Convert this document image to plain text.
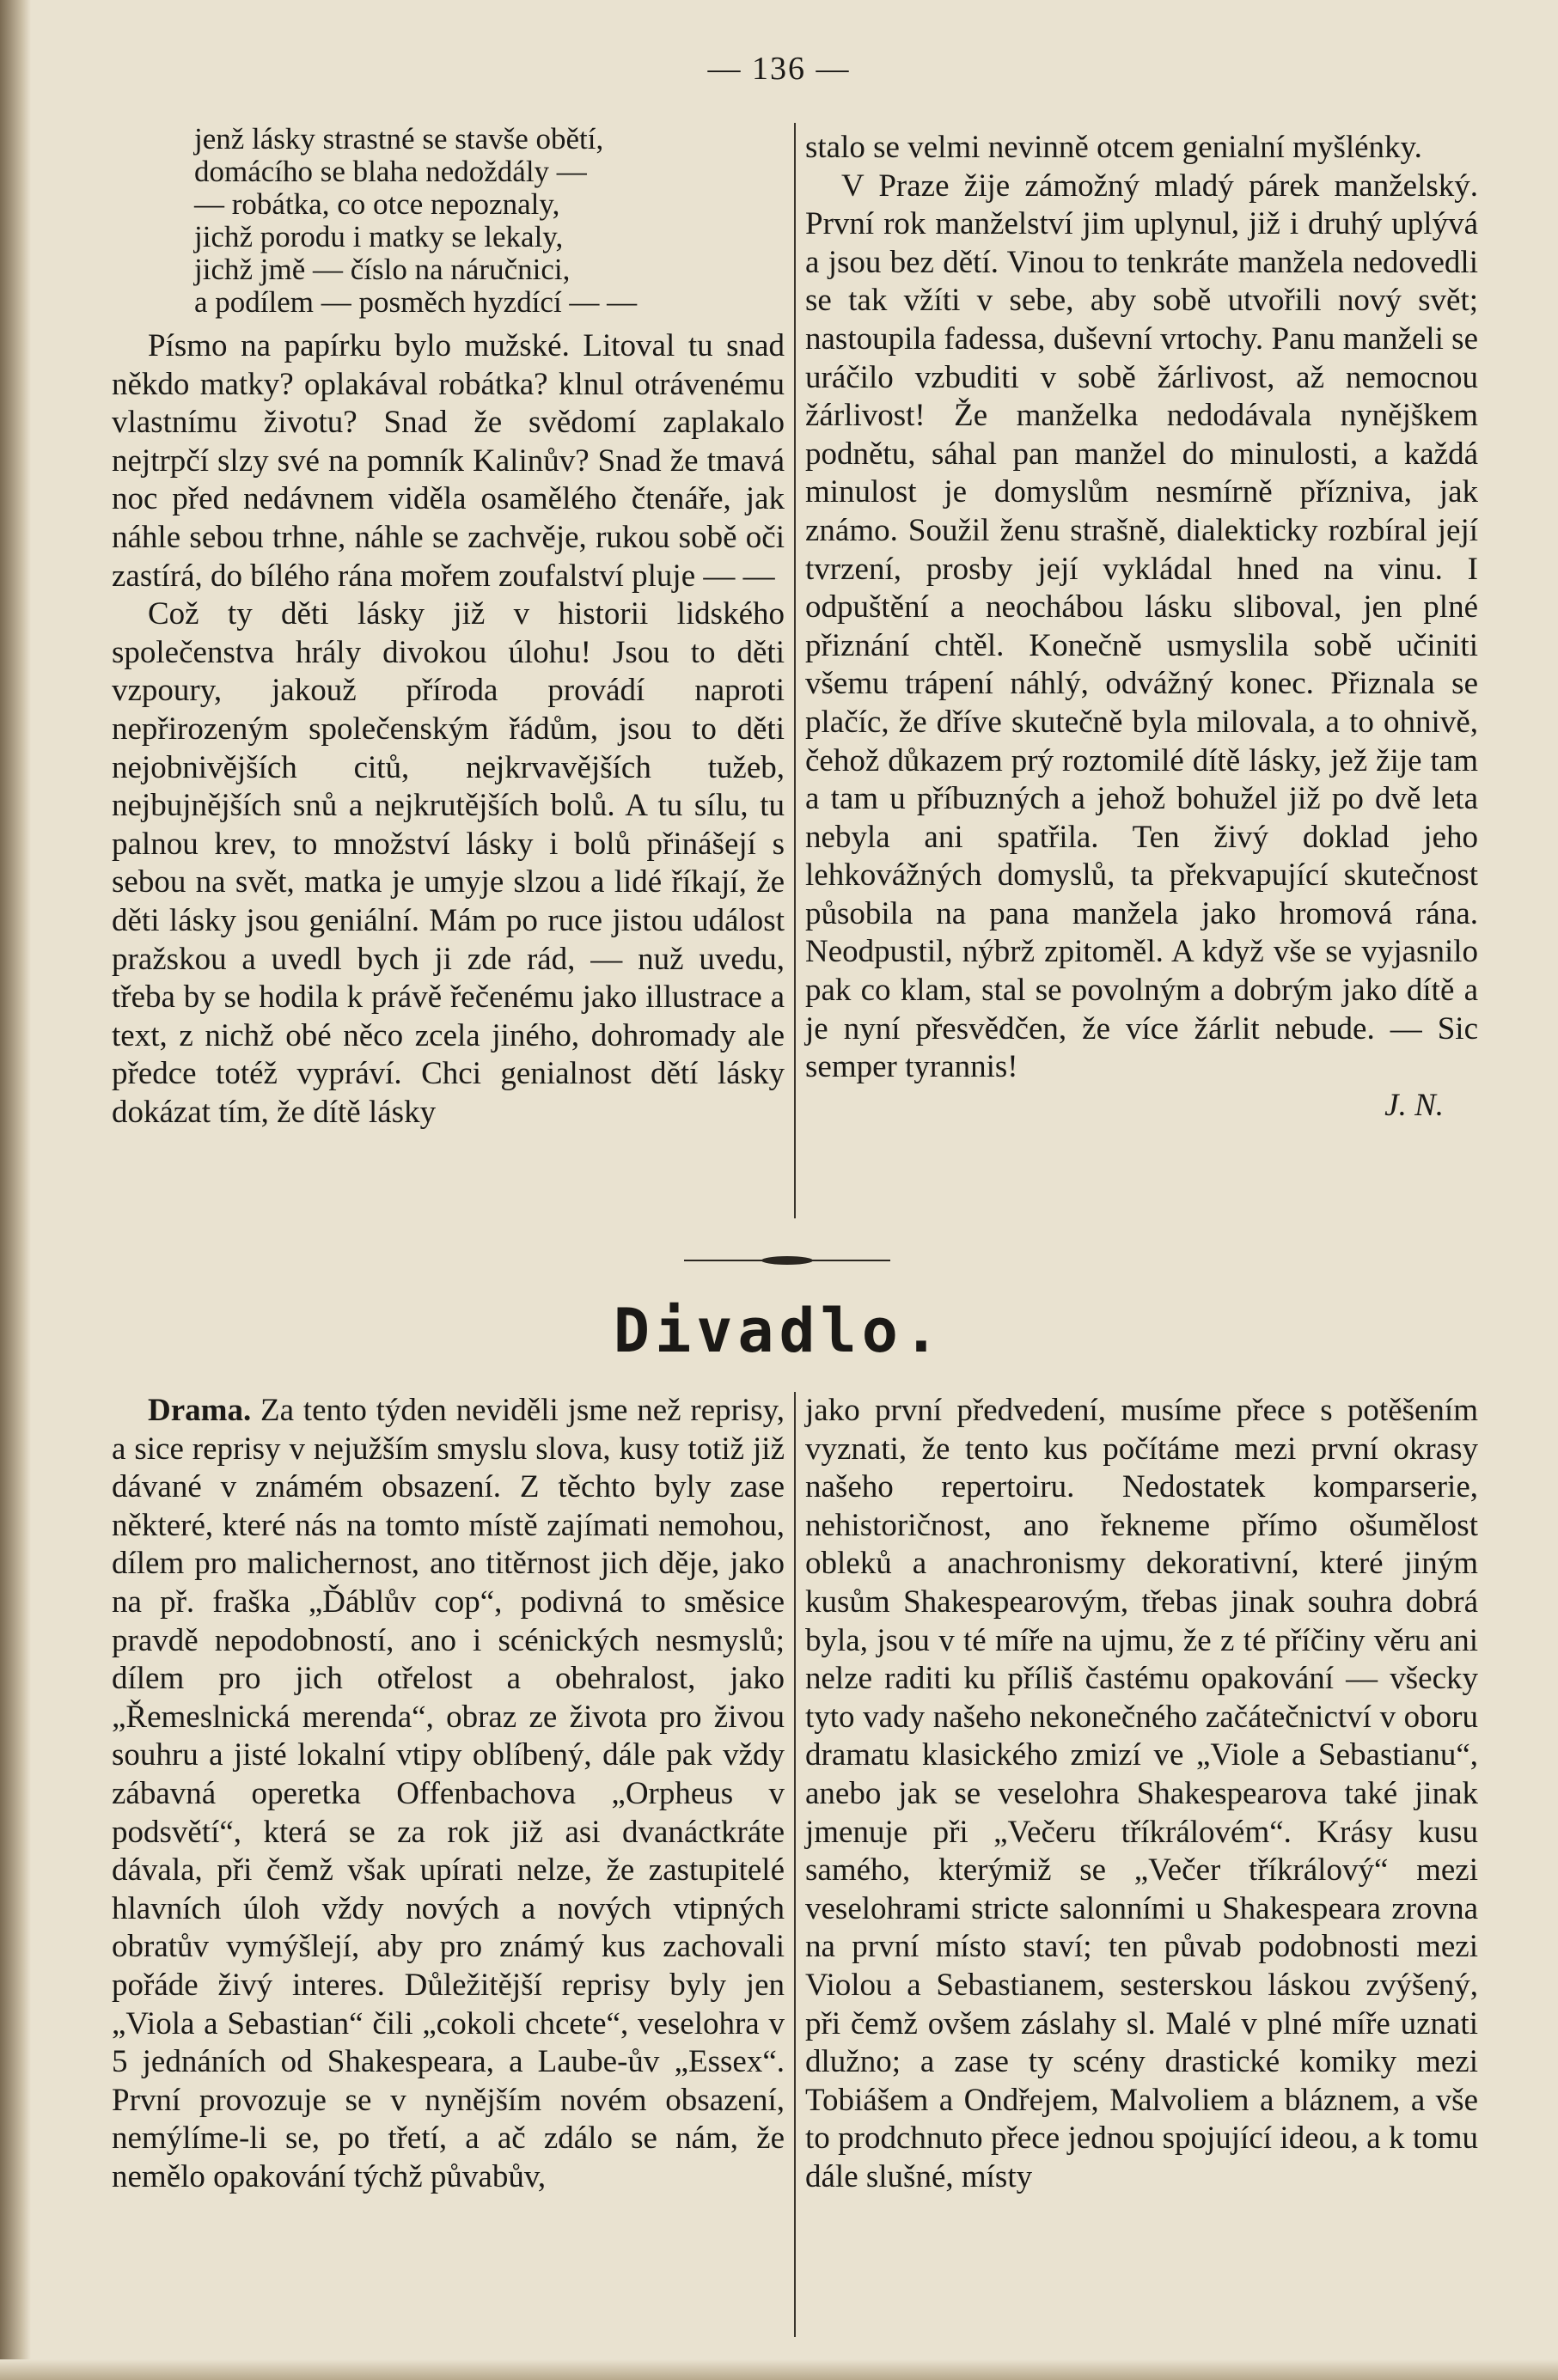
— 136 —
jenž lásky strastné se stavše obětí,
domácího se blaha nedoždály —
— robátka, co otce nepoznaly,
jichž porodu i matky se lekaly,
jichž jmě — číslo na náručnici,
a podílem — posměch hyzdící — —

Písmo na papírku bylo mužské. Litoval tu snad někdo matky? oplakával robátka? klnul otrávenému vlastnímu životu? Snad že svědomí zaplakalo nejtrpčí slzy své na pomník Kalinův? Snad že tmavá noc před nedávnem viděla osamělého čtenáře, jak náhle sebou trhne, náhle se zachvěje, rukou sobě oči zastírá, do bílého rána mořem zoufalství pluje — —

Což ty děti lásky již v historii lidského společenstva hrály divokou úlohu! Jsou to děti vzpoury, jakouž příroda provádí naproti nepřirozeným společenským řádům, jsou to děti nejobnivějších citů, nejkrvavějších tužeb, nejbujnějších snů a nejkrutějších bolů. A tu sílu, tu palnou krev, to množství lásky i bolů přinášejí s sebou na svět, matka je umyje slzou a lidé říkají, že děti lásky jsou geniální. Mám po ruce jistou událost pražskou a uvedl bych ji zde rád, — nuž uvedu, třeba by se hodila k právě řečenému jako illustrace a text, z nichž obé něco zcela jiného, dohromady ale předce totéž vypráví. Chci genialnost dětí lásky dokázat tím, že dítě lásky

stalo se velmi nevinně otcem genialní myšlénky.

V Praze žije zámožný mladý párek manželský. První rok manželství jim uplynul, již i druhý uplývá a jsou bez dětí. Vinou to tenkráte manžela nedovedli se tak vžíti v sebe, aby sobě utvořili nový svět; nastoupila fadessa, duševní vrtochy. Panu manželi se uráčilo vzbuditi v sobě žárlivost, až nemocnou žárlivost! Že manželka nedodávala nynějškem podnětu, sáhal pan manžel do minulosti, a každá minulost je domyslům nesmírně přízniva, jak známo. Soužil ženu strašně, dialekticky rozbíral její tvrzení, prosby její vykládal hned na vinu. I odpuštění a neochábou lásku sliboval, jen plné přiznání chtěl. Konečně usmyslila sobě učiniti všemu trápení náhlý, odvážný konec. Přiznala se plačíc, že dříve skutečně byla milovala, a to ohnivě, čehož důkazem prý roztomilé dítě lásky, jež žije tam a tam u příbuzných a jehož bohužel již po dvě leta nebyla ani spatřila. Ten živý doklad jeho lehkovážných domyslů, ta překvapující skutečnost působila na pana manžela jako hromová rána. Neodpustil, nýbrž zpitoměl. A když vše se vyjasnilo pak co klam, stal se povolným a dobrým jako dítě a je nyní přesvědčen, že více žárlit nebude. — Sic semper tyrannis!

J. N.

Divadlo.

Drama. Za tento týden neviděli jsme než reprisy, a sice reprisy v nejužším smyslu slova, kusy totiž již dávané v známém obsazení. Z těchto byly zase některé, které nás na tomto místě zajímati nemohou, dílem pro malichernost, ano titěrnost jich děje, jako na př. fraška „Ďáblův cop“, podivná to směsice pravdě nepodobností, ano i scénických nesmyslů; dílem pro jich otřelost a obehralost, jako „Řemeslnická merenda“, obraz ze života pro živou souhru a jisté lokalní vtipy oblíbený, dále pak vždy zábavná operetka Offenbachova „Orpheus v podsvětí“, která se za rok již asi dvanáctkráte dávala, při čemž však upírati nelze, že zastupitelé hlavních úloh vždy nových a nových vtipných obratův vymýšlejí, aby pro známý kus zachovali pořáde živý interes. Důležitější reprisy byly jen „Viola a Sebastian“ čili „cokoli chcete“, veselohra v 5 jednáních od Shakespeara, a Laube-ův „Essex“. První provozuje se v nynějším novém obsazení, nemýlíme-li se, po třetí, a ač zdálo se nám, že nemělo opakování týchž půvabův,

jako první předvedení, musíme přece s potěšením vyznati, že tento kus počítáme mezi první okrasy našeho repertoiru. Nedostatek komparserie, nehistoričnost, ano řekneme přímo ošumělost obleků a anachronismy dekorativní, které jiným kusům Shakespearovým, třebas jinak souhra dobrá byla, jsou v té míře na ujmu, že z té příčiny věru ani nelze raditi ku příliš častému opakování — všecky tyto vady našeho nekonečného začátečnictví v oboru dramatu klasického zmizí ve „Viole a Sebastianu“, anebo jak se veselohra Shakespearova také jinak jmenuje při „Večeru tříkrálovém“. Krásy kusu samého, kterýmiž se „Večer tříkrálový“ mezi veselohrami stricte salonními u Shakespeara zrovna na první místo staví; ten půvab podobnosti mezi Violou a Sebastianem, sesterskou láskou zvýšený, při čemž ovšem záslahy sl. Malé v plné míře uznati dlužno; a zase ty scény drastické komiky mezi Tobiášem a Ondřejem, Malvoliem a bláznem, a vše to prodchnuto přece jednou spojující ideou, a k tomu dále slušné, místy
